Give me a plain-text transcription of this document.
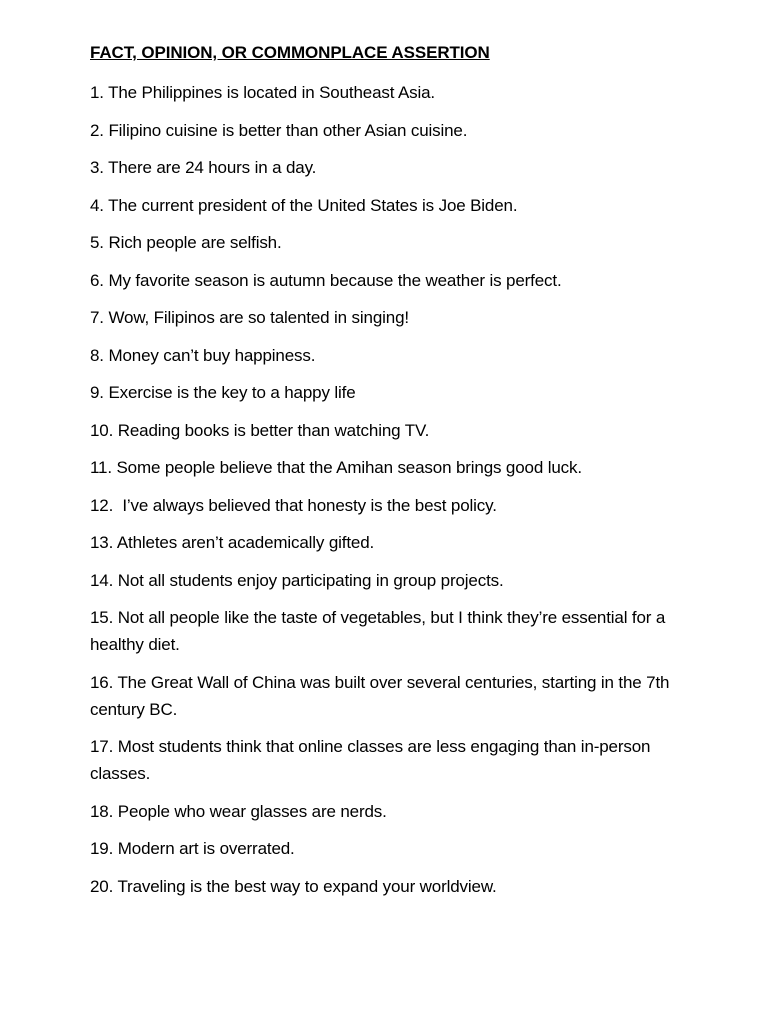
FACT, OPINION, OR COMMONPLACE ASSERTION
1. The Philippines is located in Southeast Asia.
2. Filipino cuisine is better than other Asian cuisine.
3. There are 24 hours in a day.
4. The current president of the United States is Joe Biden.
5. Rich people are selfish.
6. My favorite season is autumn because the weather is perfect.
7. Wow, Filipinos are so talented in singing!
8. Money can’t buy happiness.
9. Exercise is the key to a happy life
10. Reading books is better than watching TV.
11. Some people believe that the Amihan season brings good luck.
12.  I’ve always believed that honesty is the best policy.
13. Athletes aren’t academically gifted.
14. Not all students enjoy participating in group projects.
15. Not all people like the taste of vegetables, but I think they’re essential for a healthy diet.
16. The Great Wall of China was built over several centuries, starting in the 7th century BC.
17. Most students think that online classes are less engaging than in-person classes.
18. People who wear glasses are nerds.
19. Modern art is overrated.
20. Traveling is the best way to expand your worldview.
